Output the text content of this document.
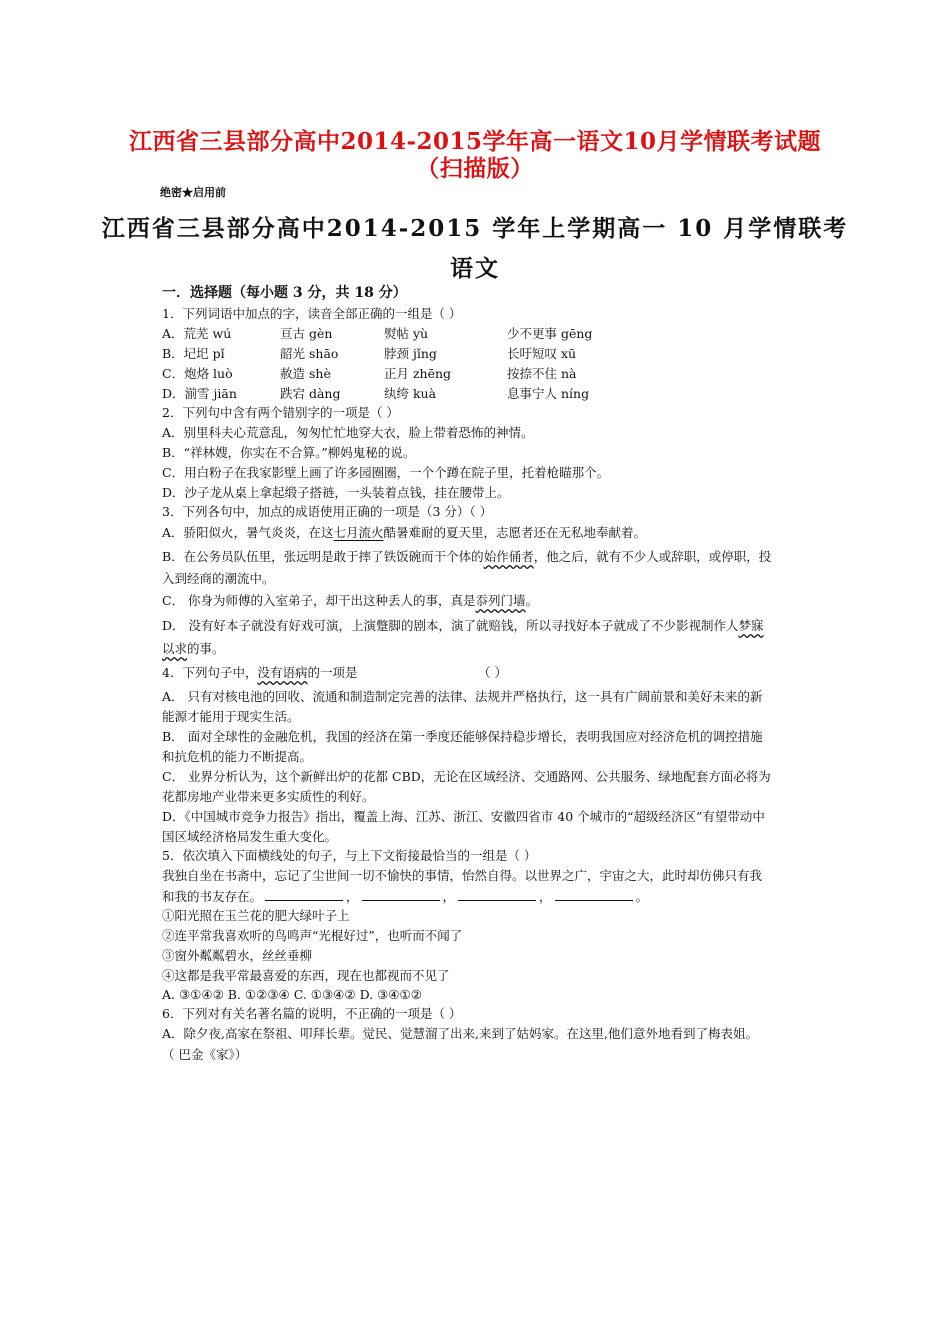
江西省三县部分高中2014-2015学年高一语文10月学情联考试题
（扫描版）
绝密★启用前
江西省三县部分高中2014-2015 学年上学期高一 10 月学情联考
语文
一．选择题（每小题 3 分，共 18 分）
1．下列词语中加点的字，读音全部正确的一组是（ ）
A．荒芜 wú	亘古 gèn	熨帖 yù	少不更事 gēng
B．圮圯 pǐ	韶光 shāo	脖颈 jǐng	长吁短叹 xū
C．炮烙 luò	赦造 shè	正月 zhēng	按捺不住 nà
D．湔雪 jiān	跌宕 dàng	纨绔 kuà	息事宁人 níng
2．下列句中含有两个错别字的一项是（ ）
A．别里科夫心荒意乱，匆匆忙忙地穿大衣，脸上带着恐怖的神情。
B．“祥林嫂，你实在不合算。”柳妈鬼秘的说。
C．用白粉子在我家影壁上画了许多园圈圈，一个个蹲在院子里，托着枪瞄那个。
D．沙子龙从桌上拿起缎子搭裢，一头装着点钱，挂在腰带上。
3．下列各句中，加点的成语使用正确的一项是（3 分）（ ）
A．骄阳似火，暑气炎炎，在这七月流火酷暑难耐的夏天里，志愿者还在无私地奉献着。
B．在公务员队伍里，张远明是敢于摔了铁饭碗而干个体的始作俑者，他之后，就有不少人或辞职，或停职，投
入到经商的潮流中。
C． 你身为师傅的入室弟子，却干出这种丢人的事，真是忝列门墙。
D． 没有好本子就没有好戏可演，上演蹩脚的剧本，演了就赔钱，所以寻找好本子就成了不少影视制作人梦寐
以求的事。
4．下列句子中，没有语病的一项是	（ ）
A． 只有对核电池的回收、流通和制造制定完善的法律、法规并严格执行，这一具有广阔前景和美好未来的新
能源才能用于现实生活。
B． 面对全球性的金融危机，我国的经济在第一季度还能够保持稳步增长，表明我国应对经济危机的调控措施
和抗危机的能力不断提高。
C． 业界分析认为，这个新鲜出炉的花都 CBD，无论在区域经济、交通路网、公共服务、绿地配套方面必将为
花都房地产业带来更多实质性的利好。
D．《中国城市竞争力报告》指出，覆盖上海、江苏、浙江、安徽四省市 40 个城市的“超级经济区”有望带动中
国区域经济格局发生重大变化。
5．依次填入下面横线处的句子，与上下文衔接最恰当的一组是（ ）
我独自坐在书斋中，忘记了尘世间一切不愉快的事情，怡然自得。以世界之广，宇宙之大，此时却仿佛只有我
和我的书友存在。	，	，	，	。
①阳光照在玉兰花的肥大绿叶子上
②连平常我喜欢听的鸟鸣声“光棍好过”，也听而不闻了
③窗外粼粼碧水，丝丝垂柳
④这都是我平常最喜爱的东西，现在也都视而不见了
A. ③①④② B. ①②③④ C. ①③④② D. ③④①②
6．下列对有关名著名篇的说明，不正确的一项是（ ）
A．除夕夜,高家在祭祖、叩拜长辈。觉民、觉慧溜了出来,来到了姑妈家。在这里,他们意外地看到了梅表姐。
（ 巴金《家》）
